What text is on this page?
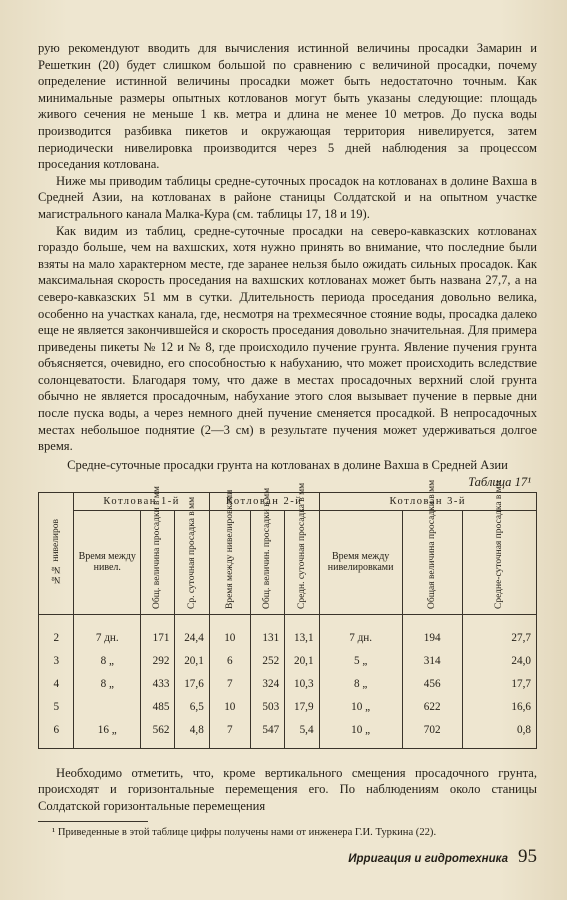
рую рекомендуют вводить для вычисления истинной величины просадки Замарин и Решеткин (20) будет слишком большой по сравнению с величиной просадки, почему определение истинной величины просадки может быть недостаточно точным. Как минимальные размеры опытных котлованов могут быть указаны следующие: площадь живого сечения не меньше 1 кв. метра и длина не менее 10 метров. До пуска воды производится разбивка пикетов и окружающая территория нивелируется, затем периодически нивелировка производится через 5 дней наблюдения за процессом проседания котлована.

Ниже мы приводим таблицы средне-суточных просадок на котлованах в долине Вахша в Средней Азии, на котлованах в районе станицы Солдатской и на опытном участке магистрального канала Малка-Кура (см. таблицы 17, 18 и 19).

Как видим из таблиц, средне-суточные просадки на северо-кавказских котлованах гораздо больше, чем на вахшских, хотя нужно принять во внимание, что последние были взяты на мало характерном месте, где заранее нельзя было ожидать сильных просадок. Как максимальная скорость проседания на вахшских котлованах может быть названа 27,7, а на северо-кавказских 51 мм в сутки. Длительность периода проседания довольно велика, особенно на участках канала, где, несмотря на трехмесячное стояние воды, просадка далеко еще не является закончившейся и скорость проседания довольно значительная. Для примера приведены пикеты № 12 и № 8, где происходило пучение грунта. Явление пучения грунта объясняется, очевидно, его способностью к набуханию, что может происходить вследствие солонцеватости. Благодаря тому, что даже в местах просадочных верхний слой грунта обычно не является просадочным, набухание этого слоя вызывает пучение в первые дни после пуска воды, а через немного дней пучение сменяется просадкой. В непросадочных местах небольшое поднятие (2—3 см) в результате пучения может удерживаться долгое время.

Средне-суточные просадки грунта на котлованах в долине Вахша в Средней Азии

Таблица 17¹
№№ нивелиров	Котлован 1-й			Котлован 2-й			Котлован 3-й		
	Время между нивел.	Общ. величина просадки в мм	Ср. суточная просадка в мм	Время между нивелировками	Общ. величин. просадки в мм	Средн. суточная просадка в мм	Время между нивелировками	Общая величина просадки в мм	Средне-суточная просадка в мм
2	7 дн.	171	24,4	10	131	13,1	7 дн.	194	27,7
3	8 „	292	20,1	6	252	20,1	5 „	314	24,0
4	8 „	433	17,6	7	324	10,3	8 „	456	17,7
5		485	6,5	10	503	17,9	10 „	622	16,6
6	16 „	562	4,8	7	547	5,4	10 „	702	0,8

Необходимо отметить, что, кроме вертикального смещения просадочного грунта, происходят и горизонтальные перемещения его. По наблюдениям около станицы Солдатской горизонтальные перемещения

¹ Приведенные в этой таблице цифры получены нами от инженера Г.И. Туркина (22).

Ирригация и гидротехника 95
